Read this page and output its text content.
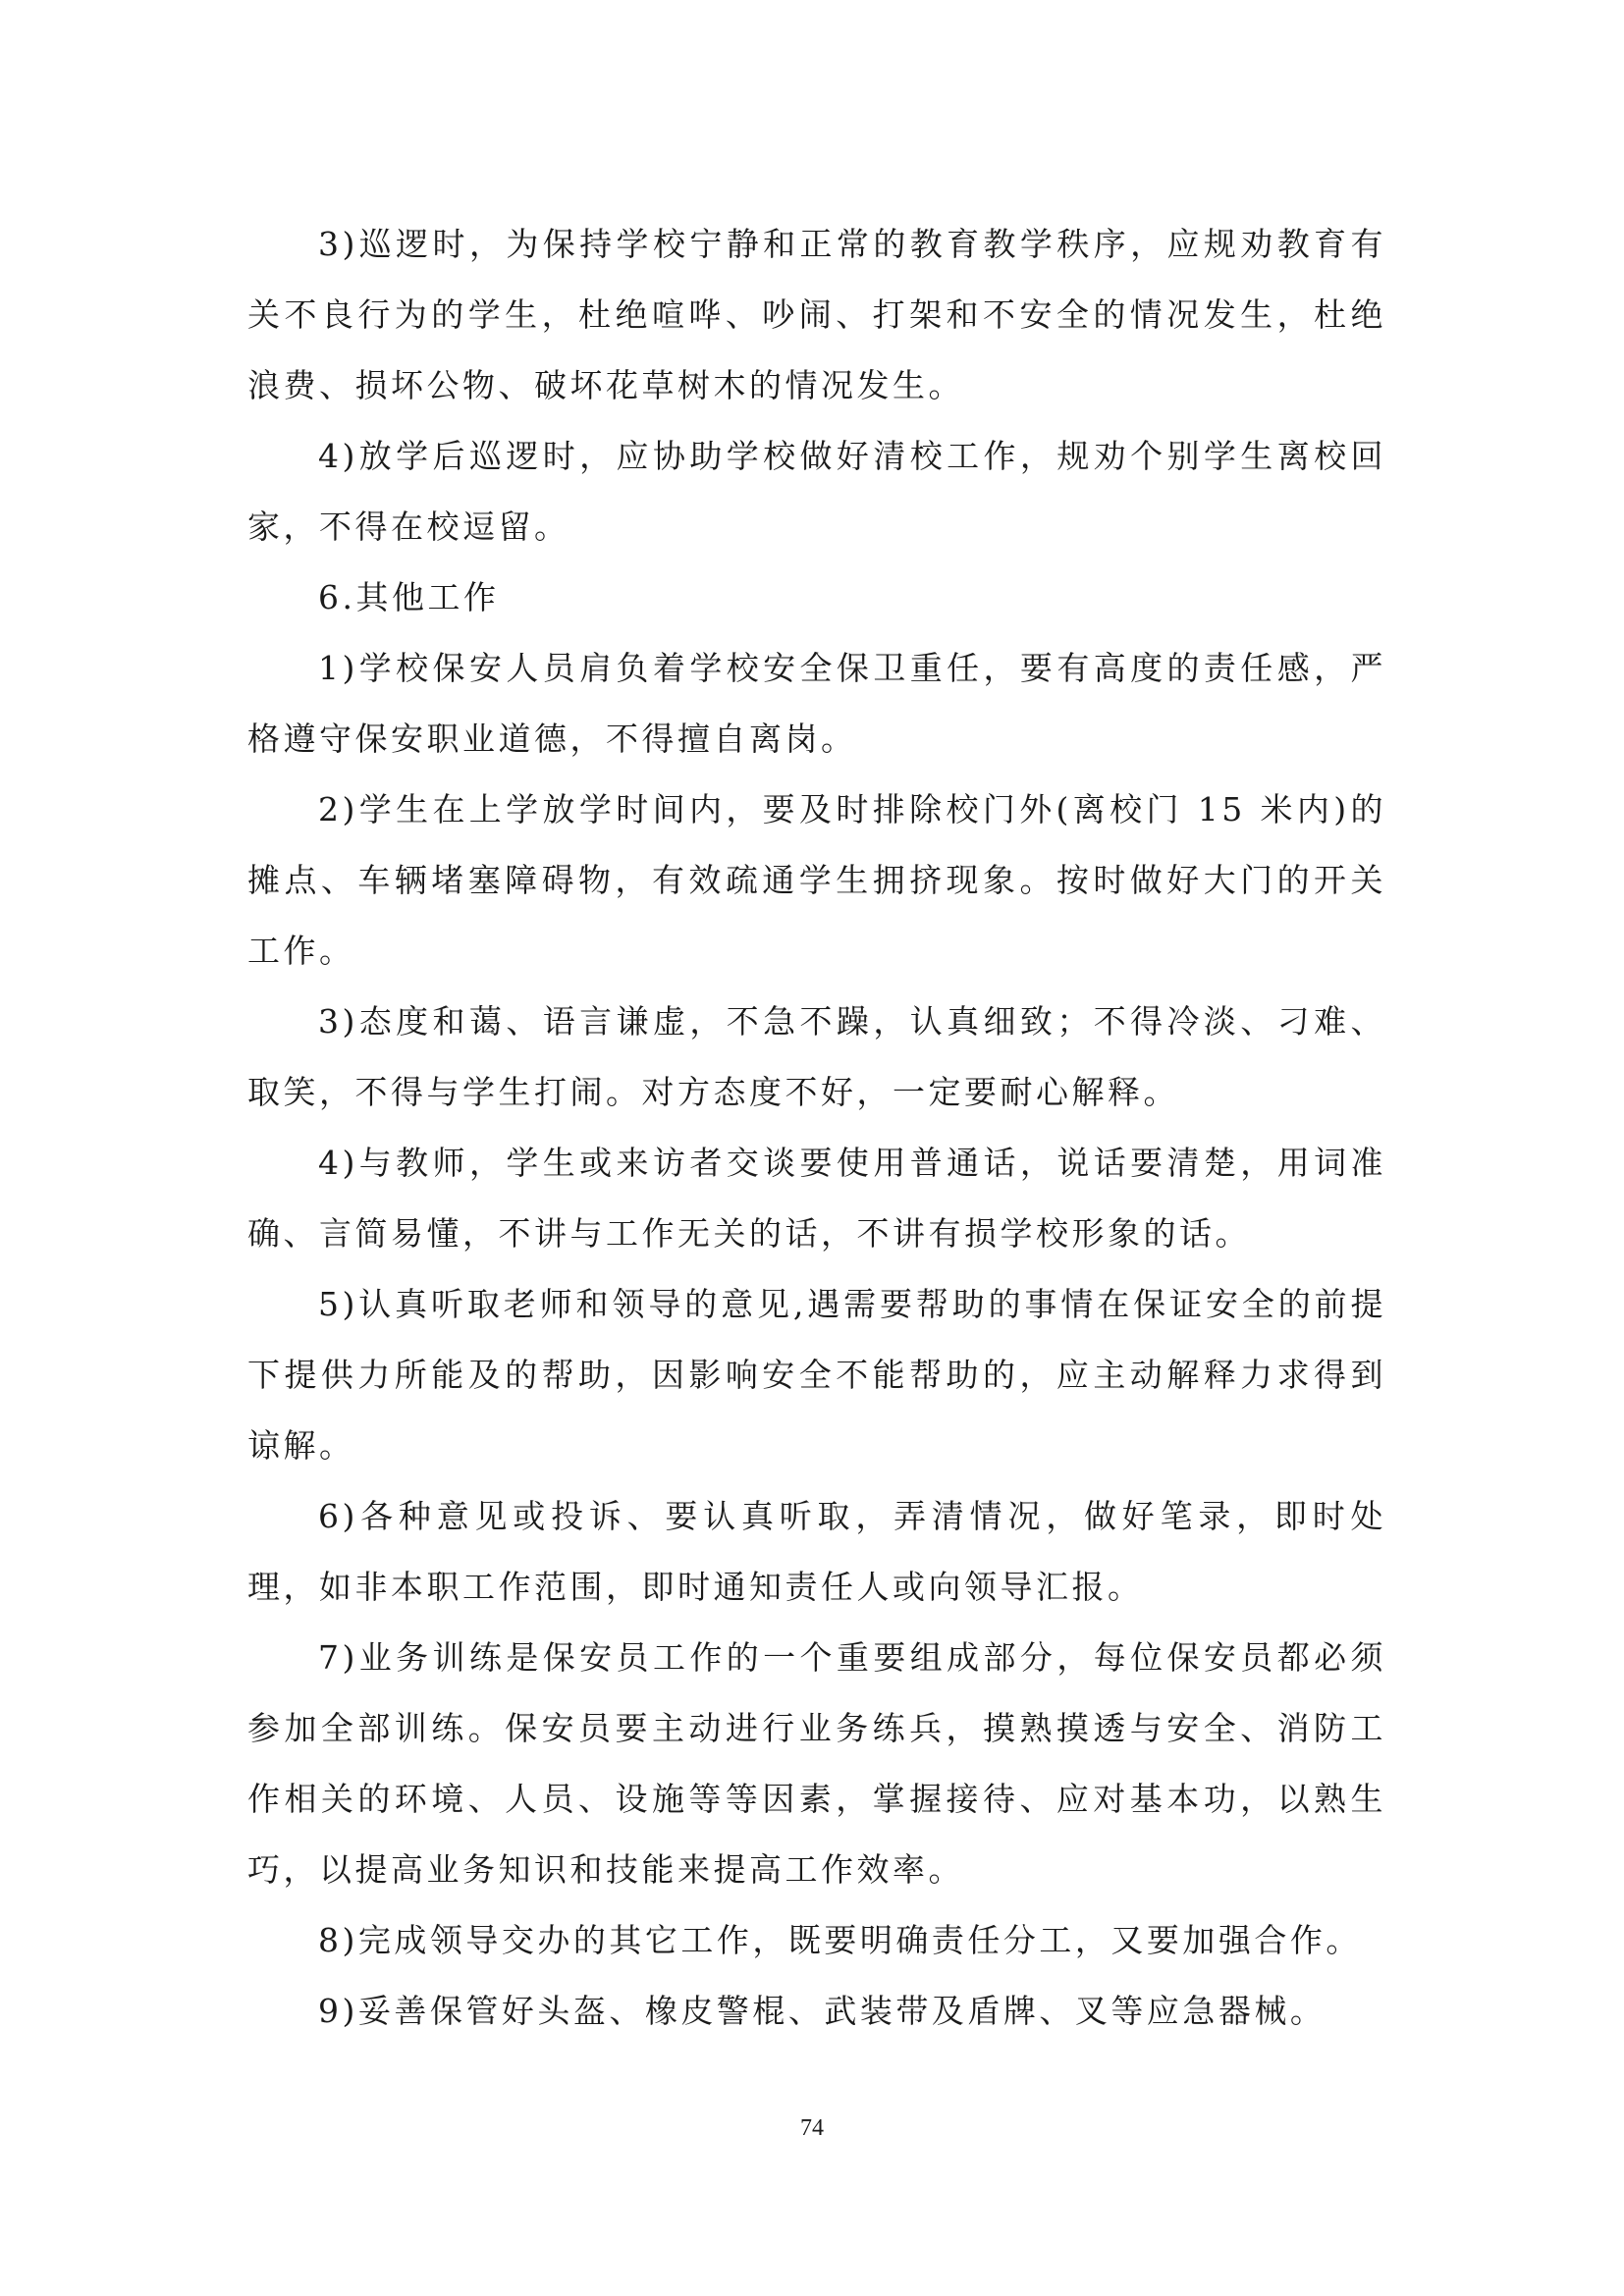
3)巡逻时，为保持学校宁静和正常的教育教学秩序，应规劝教育有关不良行为的学生，杜绝喧哗、吵闹、打架和不安全的情况发生，杜绝浪费、损坏公物、破坏花草树木的情况发生。

4)放学后巡逻时，应协助学校做好清校工作，规劝个别学生离校回家，不得在校逗留。

6.其他工作

1)学校保安人员肩负着学校安全保卫重任，要有高度的责任感，严格遵守保安职业道德，不得擅自离岗。

2)学生在上学放学时间内，要及时排除校门外(离校门 15 米内)的摊点、车辆堵塞障碍物，有效疏通学生拥挤现象。按时做好大门的开关工作。

3)态度和蔼、语言谦虚，不急不躁，认真细致；不得冷淡、刁难、取笑，不得与学生打闹。对方态度不好，一定要耐心解释。

4)与教师，学生或来访者交谈要使用普通话，说话要清楚，用词准确、言简易懂，不讲与工作无关的话，不讲有损学校形象的话。

5)认真听取老师和领导的意见,遇需要帮助的事情在保证安全的前提下提供力所能及的帮助，因影响安全不能帮助的，应主动解释力求得到谅解。

6)各种意见或投诉、要认真听取，弄清情况，做好笔录，即时处理，如非本职工作范围，即时通知责任人或向领导汇报。

7)业务训练是保安员工作的一个重要组成部分，每位保安员都必须参加全部训练。保安员要主动进行业务练兵，摸熟摸透与安全、消防工作相关的环境、人员、设施等等因素，掌握接待、应对基本功，以熟生巧，以提高业务知识和技能来提高工作效率。

8)完成领导交办的其它工作，既要明确责任分工，又要加强合作。

9)妥善保管好头盔、橡皮警棍、武装带及盾牌、叉等应急器械。

74
